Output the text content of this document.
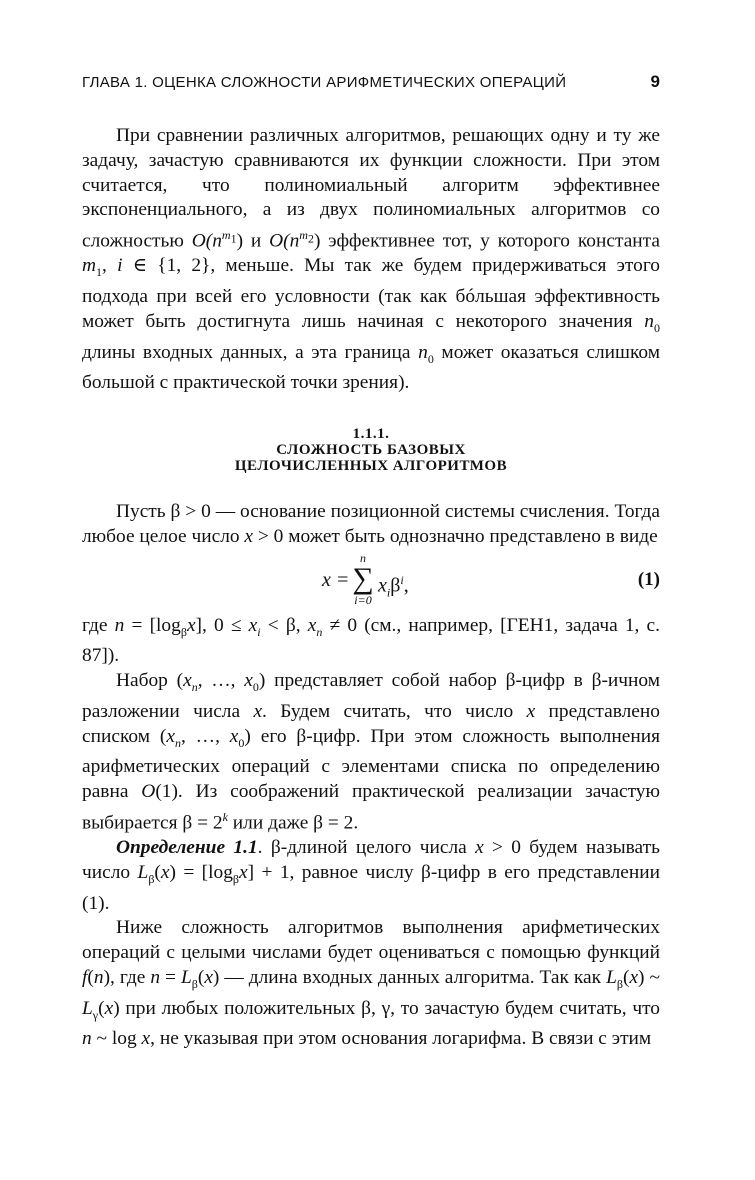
ГЛАВА 1. ОЦЕНКА СЛОЖНОСТИ АРИФМЕТИЧЕСКИХ ОПЕРАЦИЙ	9

При сравнении различных алгоритмов, решающих одну и ту же задачу, зачастую сравниваются их функции сложности. При этом считается, что полиномиальный алгоритм эффективнее экспоненциального, а из двух полиномиальных алгоритмов со сложностью $O(n^{m_1})$ и $O(n^{m_2})$ эффективнее тот, у которого константа $m_1$, i ∈ {1, 2}, меньше. Мы так же будем придерживаться этого подхода при всей его условности (так как бóльшая эффективность может быть достигнута лишь начиная с некоторого значения $n_0$ длины входных данных, а эта граница $n_0$ может оказаться слишком большой с практической точки зрения).

1.1.1.
СЛОЖНОСТЬ БАЗОВЫХ
ЦЕЛОЧИСЛЕННЫХ АЛГОРИТМОВ

Пусть β > 0 — основание позиционной системы счисления. Тогда любое целое число x > 0 может быть однозначно представлено в виде

x =
n
∑
i=0
$x_i\beta^i$,	(1)

где $n = [\log_\beta x]$, $0 \le x_i < \beta$, $x_n \ne 0$ (см., например, [ГЕН1, задача 1, с. 87]).

Набор ($x_n$, …, $x_0$) представляет собой набор β-цифр в β-ичном разложении числа x. Будем считать, что число x представлено списком ($x_n$, …, $x_0$) его β-цифр. При этом сложность выполнения арифметических операций с элементами списка по определению равна O(1). Из соображений практической реализации зачастую выбирается $\beta = 2^k$ или даже β = 2.

Определение 1.1. β-длиной целого числа x > 0 будем называть число $L_\beta(x) = [\log_\beta x] + 1$, равное числу β-цифр в его представлении (1).

Ниже сложность алгоритмов выполнения арифметических операций с целыми числами будет оцениваться с помощью функций f(n), где $n = L_\beta(x)$ — длина входных данных алгоритма. Так как $L_\beta(x)$ ~ $L_\gamma(x)$ при любых положительных β, γ, то зачастую будем считать, что n ~ log x, не указывая при этом основания логарифма. В связи с этим
